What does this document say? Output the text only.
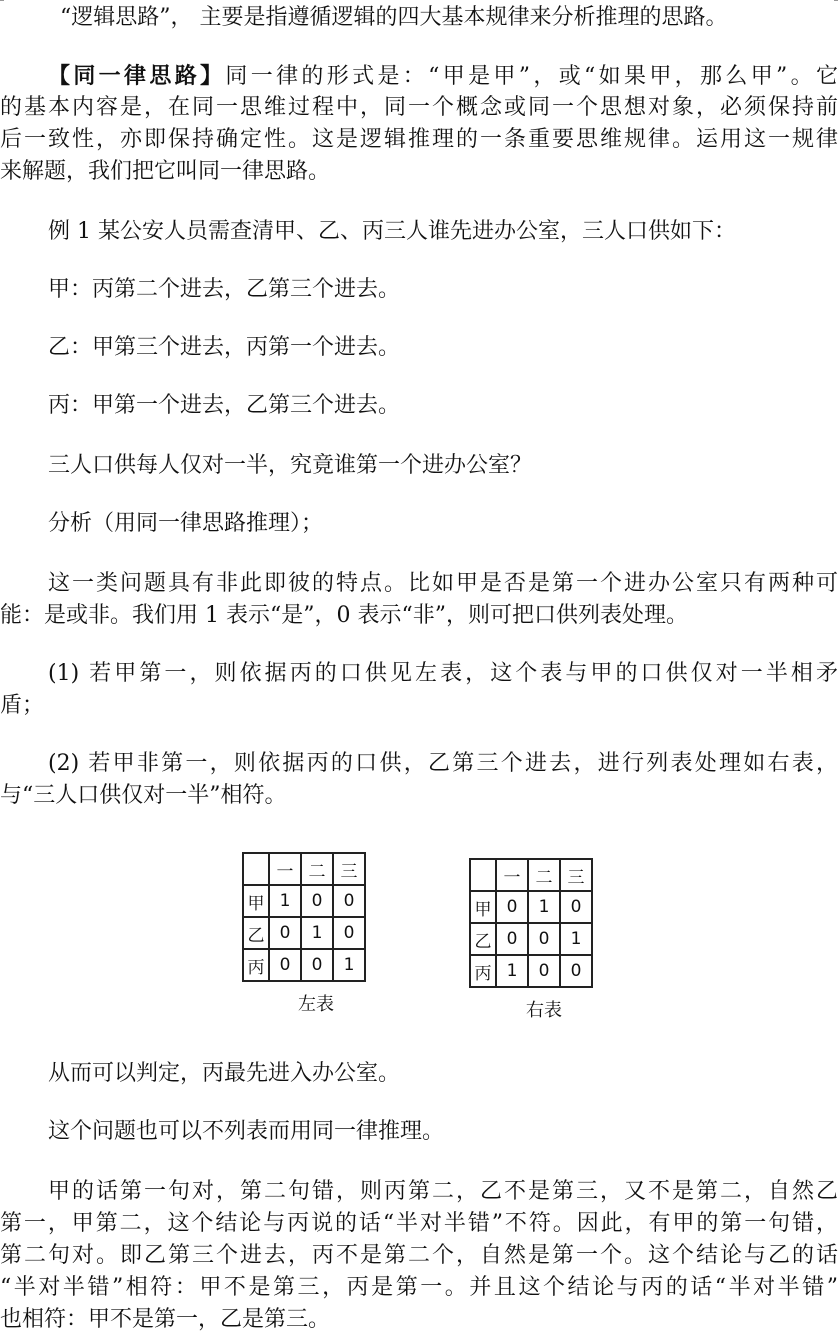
“逻辑思路”， 主要是指遵循逻辑的四大基本规律来分析推理的思路。

【同一律思路】同一律的形式是：“甲是甲”，或“如果甲，那么甲”。它

的基本内容是，在同一思维过程中，同一个概念或同一个思想对象，必须保持前

后一致性，亦即保持确定性。这是逻辑推理的一条重要思维规律。运用这一规律

来解题，我们把它叫同一律思路。

例 1 某公安人员需查清甲、乙、丙三人谁先进办公室，三人口供如下：

甲：丙第二个进去，乙第三个进去。

乙：甲第三个进去，丙第一个进去。

丙：甲第一个进去，乙第三个进去。

三人口供每人仅对一半，究竟谁第一个进办公室？

分析（用同一律思路推理）；

这一类问题具有非此即彼的特点。比如甲是否是第一个进办公室只有两种可

能：是或非。我们用 1 表示“是”，0 表示“非”，则可把口供列表处理。

(1) 若甲第一，则依据丙的口供见左表，这个表与甲的口供仅对一半相矛

盾；

(2) 若甲非第一，则依据丙的口供，乙第三个进去，进行列表处理如右表，

与“三人口供仅对一半”相符。

	一	二	三
甲	1	0	0
乙	0	1	0
丙	0	0	1
左表
	一	二	三
甲	0	1	0
乙	0	0	1
丙	1	0	0
右表

从而可以判定，丙最先进入办公室。

这个问题也可以不列表而用同一律推理。

甲的话第一句对，第二句错，则丙第二，乙不是第三，又不是第二，自然乙

第一，甲第二，这个结论与丙说的话“半对半错”不符。因此，有甲的第一句错，

第二句对。即乙第三个进去，丙不是第二个，自然是第一个。这个结论与乙的话

“半对半错”相符：甲不是第三，丙是第一。并且这个结论与丙的话“半对半错”

也相符：甲不是第一，乙是第三。
